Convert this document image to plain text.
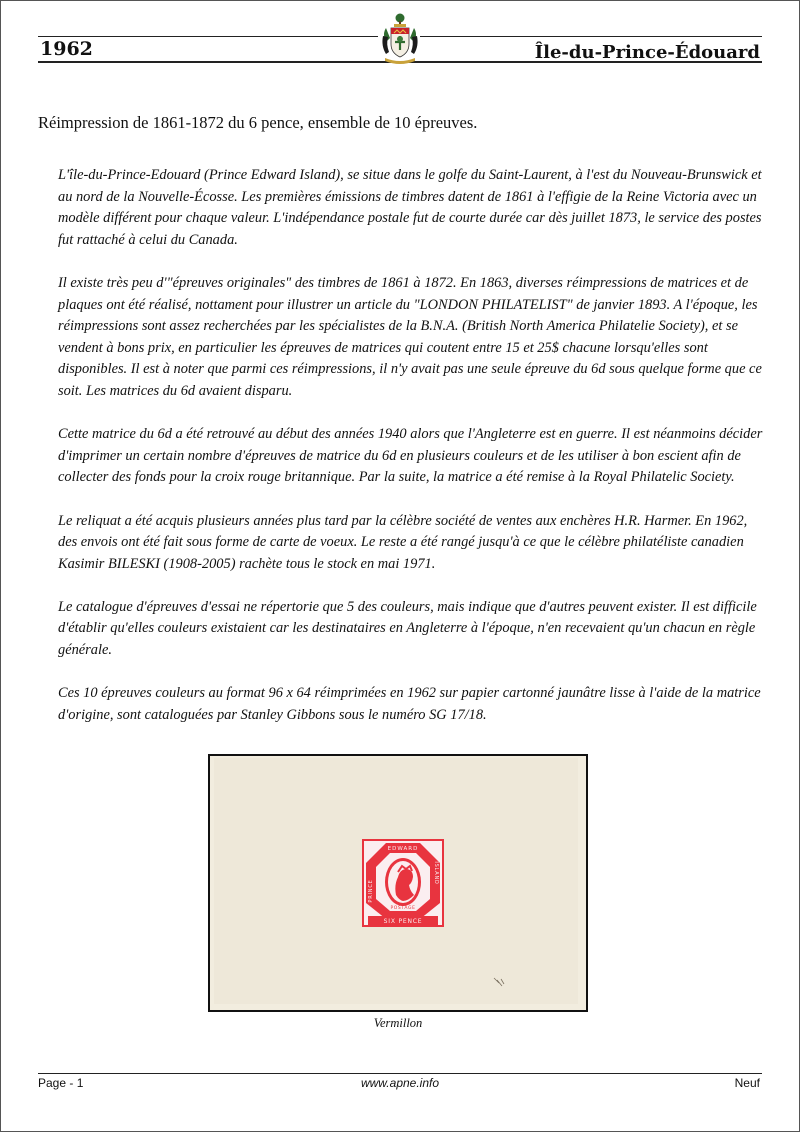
1962	Île-du-Prince-Édouard
Réimpression de 1861-1872 du 6 pence, ensemble de 10 épreuves.

L'île-du-Prince-Edouard (Prince Edward Island), se situe dans le golfe du Saint-Laurent, à l'est du Nouveau-Brunswick et au nord de la Nouvelle-Écosse. Les premières émissions de timbres datent de 1861 à l'effigie de la Reine Victoria avec un modèle différent pour chaque valeur. L'indépendance postale fut de courte durée car dès juillet 1873, le service des postes fut rattaché à celui du Canada.

Il existe très peu d'"épreuves originales" des timbres de 1861 à 1872. En 1863, diverses réimpressions de matrices et de plaques ont été réalisé, nottament pour illustrer un article du "LONDON PHILATELIST" de janvier 1893. A l'époque, les réimpressions sont assez recherchées par les spécialistes de la B.N.A. (British North America Philatelie Society), et se vendent à bons prix, en particulier les épreuves de matrices qui coutent entre 15 et 25$ chacune lorsqu'elles sont disponibles. Il est à noter que parmi ces réimpressions, il n'y avait pas une seule épreuve du 6d sous quelque forme que ce soit. Les matrices du 6d avaient disparu.

Cette matrice du 6d a été retrouvé au début des années 1940 alors que l'Angleterre est en guerre. Il est néanmoins décider d'imprimer un certain nombre d'épreuves de matrice du 6d en plusieurs couleurs et de les utiliser à bon escient afin de collecter des fonds pour la croix rouge britannique. Par la suite, la matrice a été remise à la Royal Philatelic Society.

Le reliquat a été acquis plusieurs années plus tard par la célèbre société de ventes aux enchères H.R. Harmer. En 1962, des envois ont été fait sous forme de carte de voeux. Le reste a été rangé jusqu'à ce que le célèbre philatéliste canadien Kasimir BILESKI (1908-2005) rachète tous le stock en mai 1971.

Le catalogue d'épreuves d'essai ne répertorie que 5 des couleurs, mais indique que d'autres peuvent exister. Il est difficile d'établir qu'elles couleurs existaient car les destinataires en Angleterre à l'époque, n'en recevaient qu'un chacun en règle générale.

Ces 10 épreuves couleurs au format 96 x 64 réimprimées en 1962 sur papier cartonné jaunâtre lisse à l'aide de la matrice d'origine, sont cataloguées par Stanley Gibbons sous le numéro SG 17/18.

EDWARD
PRINCE
ISLAND
POSTAGE
SIX PENCE
Vermillon
Page - 1	www.apne.info	Neuf
